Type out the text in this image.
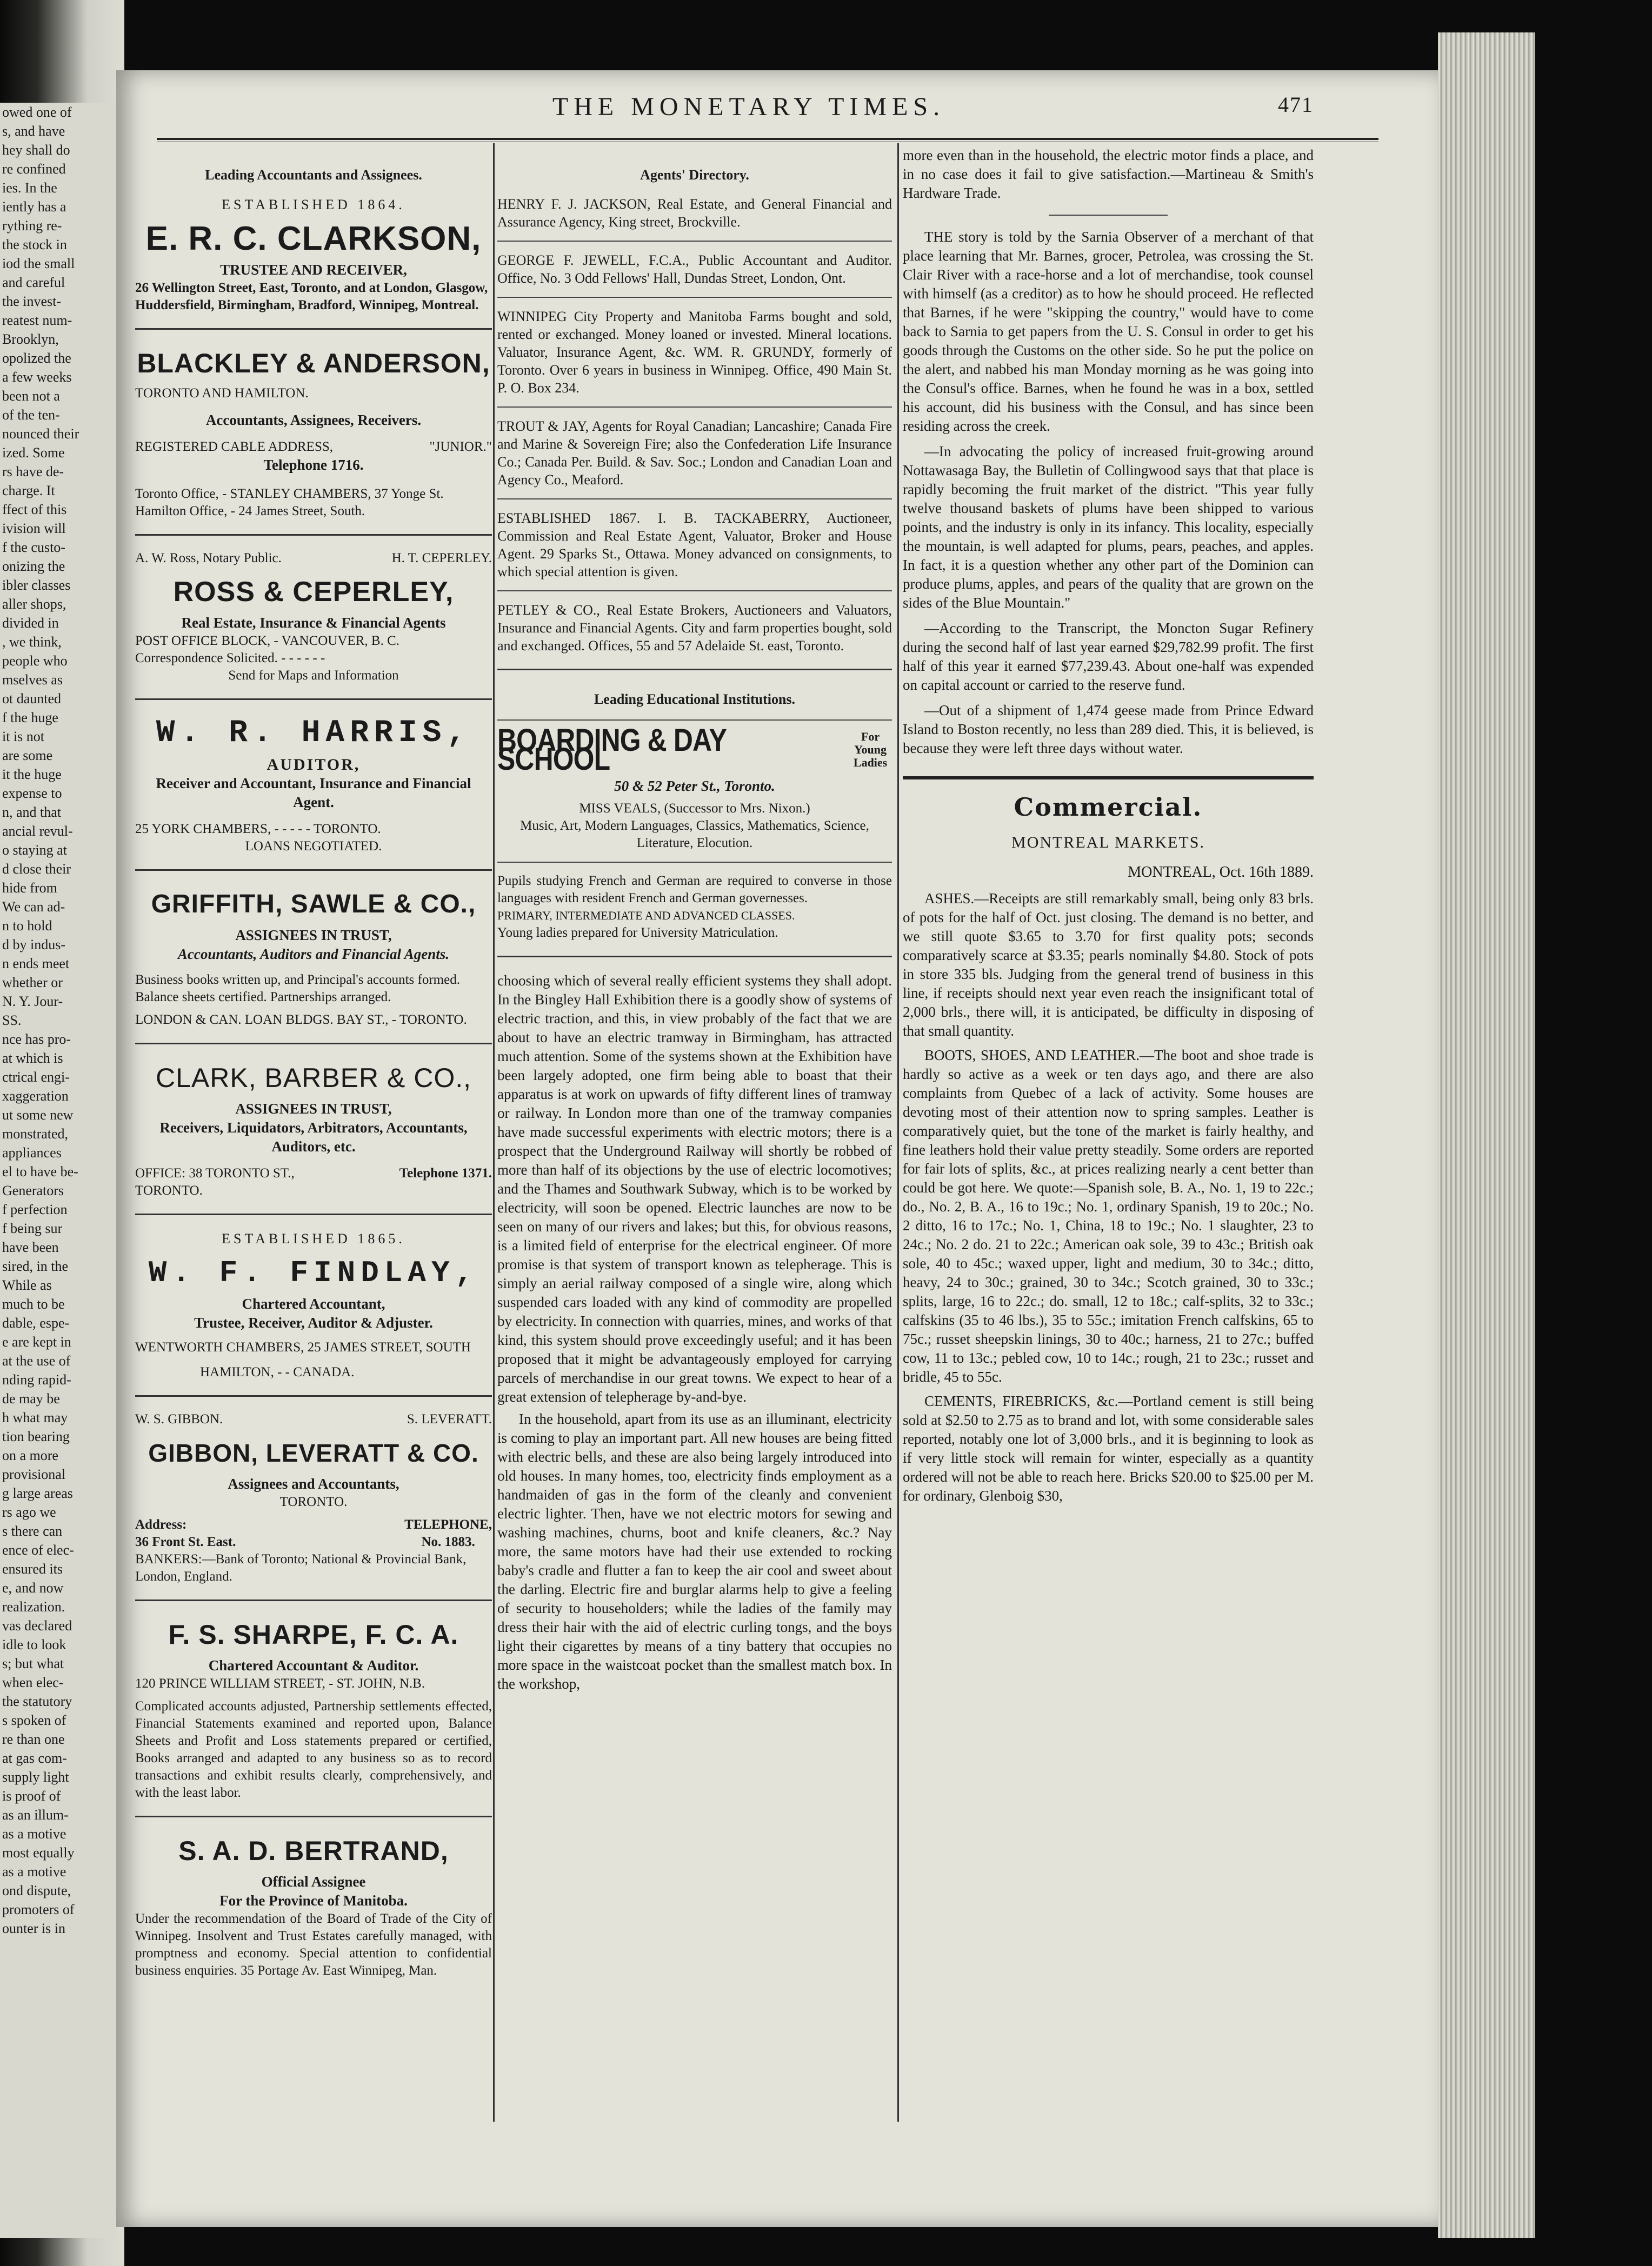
owed one of
s, and have
hey shall do
re confined
ies. In the
iently has a
rything re-
the stock in
iod the small
and careful
the invest-
reatest num-
Brooklyn,
opolized the
a few weeks
been not a
of the ten-
nounced their
ized. Some
rs have de-
charge. It
ffect of this
ivision will
f the custo-
onizing the
ibler classes
aller shops,
divided in
, we think,
people who
mselves as
ot daunted
f the huge
it is not
are some
it the huge
expense to
n, and that
ancial revul-
o staying at
d close their
hide from
We can ad-
n to hold
d by indus-
n ends meet
whether or
N. Y. Jour-
SS.
nce has pro-
at which is
ctrical engi-
xaggeration
ut some new
monstrated,
appliances
el to have be-
Generators
f perfection
f being sur
have been
sired, in the
While as
much to be
dable, espe-
e are kept in
at the use of
nding rapid-
de may be
h what may
tion bearing
on a more
provisional
g large areas
rs ago we
s there can
ence of elec-
ensured its
e, and now
realization.
vas declared
idle to look
s; but what
when elec-
the statutory
s spoken of
re than one
at gas com-
supply light
is proof of
as an illum-
as a motive
most equally
as a motive
ond dispute,
promoters of
ounter is in
THE MONETARY TIMES.	471
Leading Accountants and Assignees.
ESTABLISHED 1864.
E. R. C. CLARKSON,
TRUSTEE AND RECEIVER,
26 Wellington Street, East, Toronto, and at London, Glasgow, Huddersfield, Birmingham, Bradford, Winnipeg, Montreal.
BLACKLEY & ANDERSON,
TORONTO AND HAMILTON.
Accountants, Assignees, Receivers.
REGISTERED CABLE ADDRESS,	"JUNIOR."
Telephone 1716.
Toronto Office, - STANLEY CHAMBERS, 37 Yonge St.
Hamilton Office, - 24 James Street, South.
A. W. Ross, Notary Public.	H. T. CEPERLEY.
ROSS & CEPERLEY,
Real Estate, Insurance & Financial Agents
POST OFFICE BLOCK, - VANCOUVER, B. C.
Correspondence Solicited. - - - - - -
Send for Maps and Information
W. R. HARRIS,
AUDITOR,
Receiver and Accountant, Insurance and Financial Agent.
25 YORK CHAMBERS, - - - - - TORONTO.
LOANS NEGOTIATED.
GRIFFITH, SAWLE & CO.,
ASSIGNEES IN TRUST,
Accountants, Auditors and Financial Agents.
Business books written up, and Principal's accounts formed. Balance sheets certified. Partnerships arranged.
LONDON & CAN. LOAN BLDGS. BAY ST., - TORONTO.
CLARK, BARBER & CO.,
ASSIGNEES IN TRUST,
Receivers, Liquidators, Arbitrators, Accountants, Auditors, etc.
OFFICE: 38 TORONTO ST., TORONTO.
Telephone 1371.
ESTABLISHED 1865.
W. F. FINDLAY,
Chartered Accountant,
Trustee, Receiver, Auditor & Adjuster.
WENTWORTH CHAMBERS, 25 JAMES STREET, SOUTH
HAMILTON, - - CANADA.
W. S. GIBBON.	S. LEVERATT.
GIBBON, LEVERATT & CO.
Assignees and Accountants,
TORONTO.
Address:
36 Front St. East.
TELEPHONE,
No. 1883.
BANKERS:—Bank of Toronto; National & Provincial Bank, London, England.
F. S. SHARPE, F. C. A.
Chartered Accountant & Auditor.
120 PRINCE WILLIAM STREET, - ST. JOHN, N.B.
Complicated accounts adjusted, Partnership settlements effected, Financial Statements examined and reported upon, Balance Sheets and Profit and Loss statements prepared or certified, Books arranged and adapted to any business so as to record transactions and exhibit results clearly, comprehensively, and with the least labor.
S. A. D. BERTRAND,
Official Assignee
For the Province of Manitoba.
Under the recommendation of the Board of Trade of the City of Winnipeg. Insolvent and Trust Estates carefully managed, with promptness and economy. Special attention to confidential business enquiries. 35 Portage Av. East Winnipeg, Man.
Agents' Directory.
HENRY F. J. JACKSON, Real Estate, and General Financial and Assurance Agency, King street, Brockville.
GEORGE F. JEWELL, F.C.A., Public Accountant and Auditor. Office, No. 3 Odd Fellows' Hall, Dundas Street, London, Ont.
WINNIPEG City Property and Manitoba Farms bought and sold, rented or exchanged. Money loaned or invested. Mineral locations. Valuator, Insurance Agent, &c. WM. R. GRUNDY, formerly of Toronto. Over 6 years in business in Winnipeg. Office, 490 Main St. P. O. Box 234.
TROUT & JAY, Agents for Royal Canadian; Lancashire; Canada Fire and Marine & Sovereign Fire; also the Confederation Life Insurance Co.; Canada Per. Build. & Sav. Soc.; London and Canadian Loan and Agency Co., Meaford.
ESTABLISHED 1867. I. B. TACKABERRY, Auctioneer, Commission and Real Estate Agent, Valuator, Broker and House Agent. 29 Sparks St., Ottawa. Money advanced on consignments, to which special attention is given.
PETLEY & CO., Real Estate Brokers, Auctioneers and Valuators, Insurance and Financial Agents. City and farm properties bought, sold and exchanged. Offices, 55 and 57 Adelaide St. east, Toronto.
Leading Educational Institutions.
BOARDING & DAY SCHOOL
For Young Ladies
50 & 52 Peter St., Toronto.
MISS VEALS, (Successor to Mrs. Nixon.)
Music, Art, Modern Languages, Classics, Mathematics, Science, Literature, Elocution.
Pupils studying French and German are required to converse in those languages with resident French and German governesses.
PRIMARY, INTERMEDIATE AND ADVANCED CLASSES.
Young ladies prepared for University Matriculation.
choosing which of several really efficient systems they shall adopt. In the Bingley Hall Exhibition there is a goodly show of systems of electric traction, and this, in view probably of the fact that we are about to have an electric tramway in Birmingham, has attracted much attention. Some of the systems shown at the Exhibition have been largely adopted, one firm being able to boast that their apparatus is at work on upwards of fifty different lines of tramway or railway. In London more than one of the tramway companies have made successful experiments with electric motors; there is a prospect that the Underground Railway will shortly be robbed of more than half of its objections by the use of electric locomotives; and the Thames and Southwark Subway, which is to be worked by electricity, will soon be opened. Electric launches are now to be seen on many of our rivers and lakes; but this, for obvious reasons, is a limited field of enterprise for the electrical engineer. Of more promise is that system of transport known as telepherage. This is simply an aerial railway composed of a single wire, along which suspended cars loaded with any kind of commodity are propelled by electricity. In connection with quarries, mines, and works of that kind, this system should prove exceedingly useful; and it has been proposed that it might be advantageously employed for carrying parcels of merchandise in our great towns. We expect to hear of a great extension of telepherage by-and-bye.
In the household, apart from its use as an illuminant, electricity is coming to play an important part. All new houses are being fitted with electric bells, and these are also being largely introduced into old houses. In many homes, too, electricity finds employment as a handmaiden of gas in the form of the cleanly and convenient electric lighter. Then, have we not electric motors for sewing and washing machines, churns, boot and knife cleaners, &c.? Nay more, the same motors have had their use extended to rocking baby's cradle and flutter a fan to keep the air cool and sweet about the darling. Electric fire and burglar alarms help to give a feeling of security to householders; while the ladies of the family may dress their hair with the aid of electric curling tongs, and the boys light their cigarettes by means of a tiny battery that occupies no more space in the waistcoat pocket than the smallest match box. In the workshop,
more even than in the household, the electric motor finds a place, and in no case does it fail to give satisfaction.—Martineau & Smith's Hardware Trade.
THE story is told by the Sarnia Observer of a merchant of that place learning that Mr. Barnes, grocer, Petrolea, was crossing the St. Clair River with a race-horse and a lot of merchandise, took counsel with himself (as a creditor) as to how he should proceed. He reflected that Barnes, if he were "skipping the country," would have to come back to Sarnia to get papers from the U. S. Consul in order to get his goods through the Customs on the other side. So he put the police on the alert, and nabbed his man Monday morning as he was going into the Consul's office. Barnes, when he found he was in a box, settled his account, did his business with the Consul, and has since been residing across the creek.
—In advocating the policy of increased fruit-growing around Nottawasaga Bay, the Bulletin of Collingwood says that that place is rapidly becoming the fruit market of the district. "This year fully twelve thousand baskets of plums have been shipped to various points, and the industry is only in its infancy. This locality, especially the mountain, is well adapted for plums, pears, peaches, and apples. In fact, it is a question whether any other part of the Dominion can produce plums, apples, and pears of the quality that are grown on the sides of the Blue Mountain."
—According to the Transcript, the Moncton Sugar Refinery during the second half of last year earned $29,782.99 profit. The first half of this year it earned $77,239.43. About one-half was expended on capital account or carried to the reserve fund.
—Out of a shipment of 1,474 geese made from Prince Edward Island to Boston recently, no less than 289 died. This, it is believed, is because they were left three days without water.
Commercial.
MONTREAL MARKETS.
MONTREAL, Oct. 16th 1889.
ASHES.—Receipts are still remarkably small, being only 83 brls. of pots for the half of Oct. just closing. The demand is no better, and we still quote $3.65 to 3.70 for first quality pots; seconds comparatively scarce at $3.35; pearls nominally $4.80. Stock of pots in store 335 bls. Judging from the general trend of business in this line, if receipts should next year even reach the insignificant total of 2,000 brls., there will, it is anticipated, be difficulty in disposing of that small quantity.
BOOTS, SHOES, AND LEATHER.—The boot and shoe trade is hardly so active as a week or ten days ago, and there are also complaints from Quebec of a lack of activity. Some houses are devoting most of their attention now to spring samples. Leather is comparatively quiet, but the tone of the market is fairly healthy, and fine leathers hold their value pretty steadily. Some orders are reported for fair lots of splits, &c., at prices realizing nearly a cent better than could be got here. We quote:—Spanish sole, B. A., No. 1, 19 to 22c.; do., No. 2, B. A., 16 to 19c.; No. 1, ordinary Spanish, 19 to 20c.; No. 2 ditto, 16 to 17c.; No. 1, China, 18 to 19c.; No. 1 slaughter, 23 to 24c.; No. 2 do. 21 to 22c.; American oak sole, 39 to 43c.; British oak sole, 40 to 45c.; waxed upper, light and medium, 30 to 34c.; ditto, heavy, 24 to 30c.; grained, 30 to 34c.; Scotch grained, 30 to 33c.; splits, large, 16 to 22c.; do. small, 12 to 18c.; calf-splits, 32 to 33c.; calfskins (35 to 46 lbs.), 35 to 55c.; imitation French calfskins, 65 to 75c.; russet sheepskin linings, 30 to 40c.; harness, 21 to 27c.; buffed cow, 11 to 13c.; pebled cow, 10 to 14c.; rough, 21 to 23c.; russet and bridle, 45 to 55c.
CEMENTS, FIREBRICKS, &c.—Portland cement is still being sold at $2.50 to 2.75 as to brand and lot, with some considerable sales reported, notably one lot of 3,000 brls., and it is beginning to look as if very little stock will remain for winter, especially as a quantity ordered will not be able to reach here. Bricks $20.00 to $25.00 per M. for ordinary, Glenboig $30,
